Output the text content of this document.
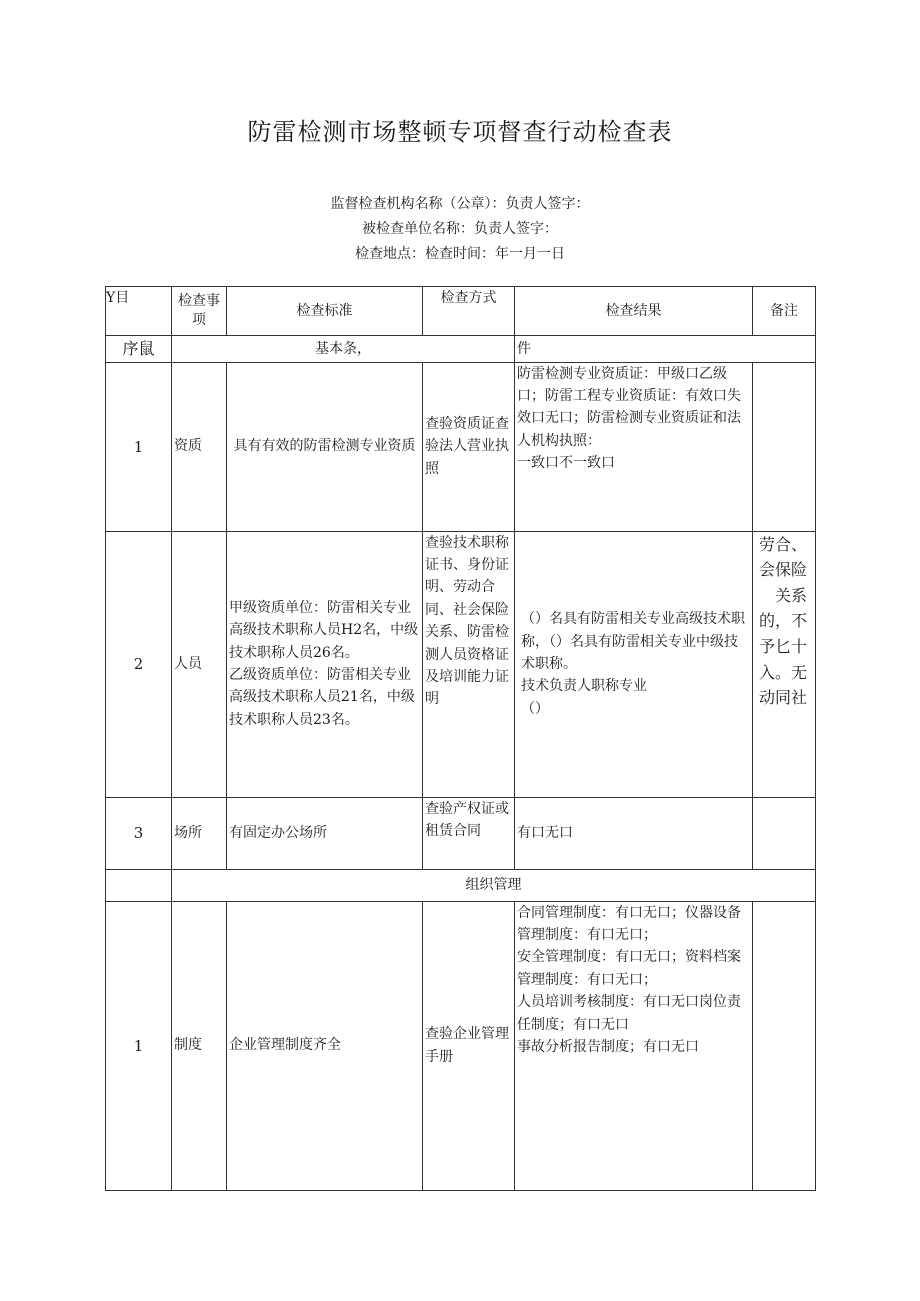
防雷检测市场整顿专项督查行动检查表
监督检查机构名称（公章）：负责人签字：
被检查单位名称：负责人签字：
检查地点：检查时间：年一月一日
Y目	检查事项	检查标准	检查方式	检查结果	备注
序鼠	基本条，			件	
1	资质	具有有效的防雷检测专业资质	查验资质证查验法人营业执照	防雷检测专业资质证：甲级口乙级口；防雷工程专业资质证：有效口失效口无口；防雷检测专业资质证和法人机构执照：
一致口不一致口	
2	人员	甲级资质单位：防雷相关专业高级技术职称人员H2名，中级技术职称人员26名。
乙级资质单位：防雷相关专业高级技术职称人员21名，中级技术职称人员23名。	查验技术职称证书、身份证明、劳动合同、社会保险关系、防雷检测人员资格证及培训能力证明	（）名具有防雷相关专业高级技术职称，（）名具有防雷相关专业中级技术职称。
技术负责人职称专业
（）	劳合、会保险关系的，不予匕十入。无动同社
3	场所	有固定办公场所	查验产权证或租赁合同	有口无口	
	组织管理				
1	制度	企业管理制度齐全	查验企业管理手册	合同管理制度：有口无口；仪器设备管理制度：有口无口；
安全管理制度：有口无口；资料档案管理制度：有口无口；
人员培训考核制度：有口无口岗位责任制度；有口无口
事故分析报告制度；有口无口	
